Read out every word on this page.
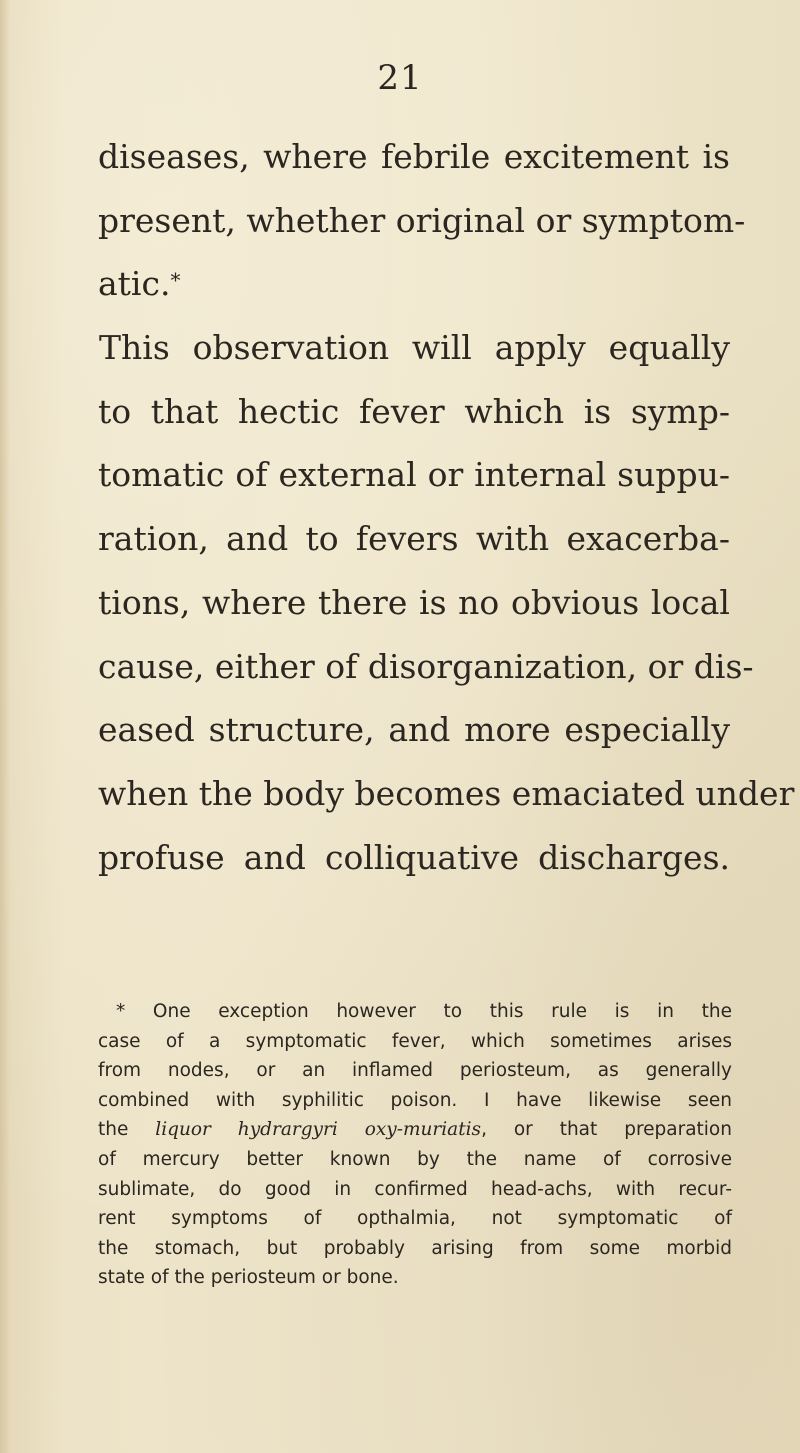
21
diseases, where febrile excitement is
present, whether original or symptom-
atic.*
This observation will apply equally
to that hectic fever which is symp-
tomatic of external or internal suppu-
ration, and to fevers with exacerba-
tions, where there is no obvious local
cause, either of disorganization, or dis-
eased structure, and more especially
when the body becomes emaciated under
profuse and colliquative discharges.
* One exception however to this rule is in the
case of a symptomatic fever, which sometimes arises
from nodes, or an inflamed periosteum, as generally
combined with syphilitic poison. I have likewise seen
the liquor hydrargyri oxy-muriatis, or that preparation
of mercury better known by the name of corrosive
sublimate, do good in confirmed head-achs, with recur-
rent symptoms of opthalmia, not symptomatic of
the stomach, but probably arising from some morbid
state of the periosteum or bone.
